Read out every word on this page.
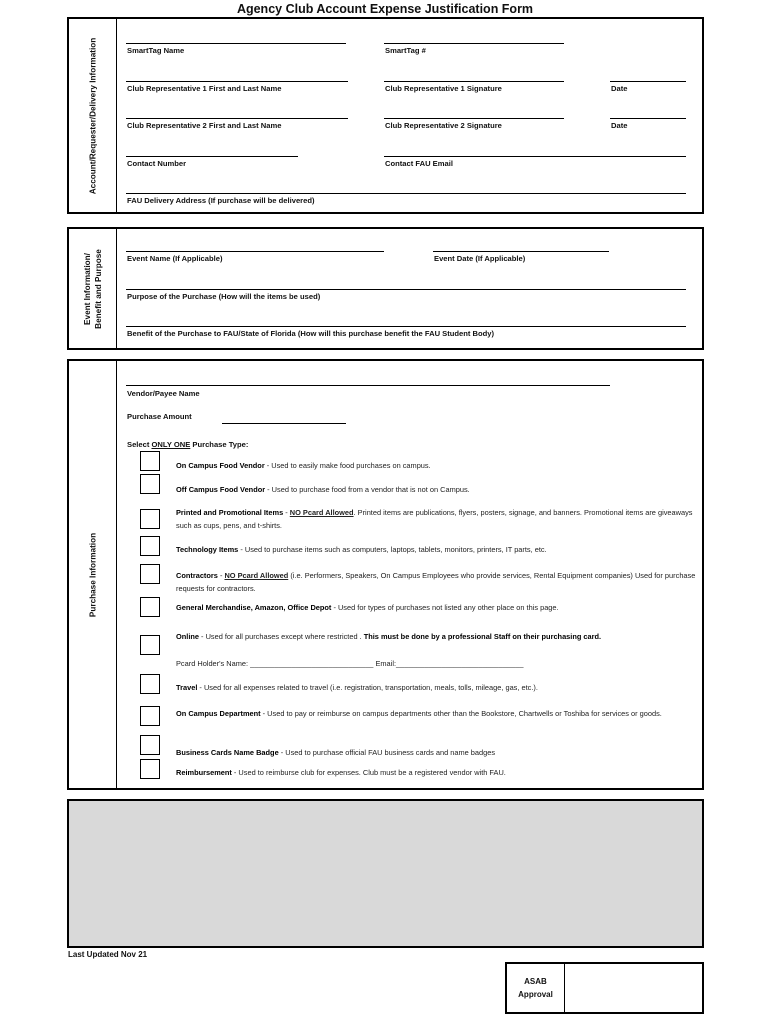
Agency Club Account Expense Justification Form
Account/Requester/Delivery Information	SmartTag Name	SmartTag #
Club Representative 1 First and Last Name	Club Representative 1 Signature	Date
Club Representative 2 First and Last Name	Club Representative 2 Signature	Date
Contact Number	Contact FAU Email
FAU Delivery Address (If purchase will be delivered)
Event Information/ Benefit and Purpose	Event Name (If Applicable)	Event Date (If Applicable)
Purpose of the Purchase (How will the items be used)
Benefit of the Purchase to FAU/State of Florida (How will this purchase benefit the FAU Student Body)
Purchase Information
Vendor/Payee Name
Purchase Amount
Select ONLY ONE Purchase Type:
On Campus Food Vendor - Used to easily make food purchases on campus.
Off Campus Food Vendor - Used to purchase food from a vendor that is not on Campus.
Printed and Promotional Items - NO Pcard Allowed. Printed items are publications, flyers, posters, signage, and banners. Promotional items are giveaways such as cups, pens, and t-shirts.
Technology Items - Used to purchase items such as computers, laptops, tablets, monitors, printers, IT parts, etc.
Contractors - NO Pcard Allowed (i.e. Performers, Speakers, On Campus Employees who provide services, Rental Equipment companies) Used for purchase requests for contractors.
General Merchandise, Amazon, Office Depot - Used for types of purchases not listed any other place on this page.
Online - Used for all purchases except where restricted . This must be done by a professional Staff on their purchasing card.
Pcard Holder's Name: ______________________________ Email:_______________________________
Travel - Used for all expenses related to travel (i.e. registration, transportation, meals, tolls, mileage, gas, etc.).
On Campus Department - Used to pay or reimburse on campus departments other than the Bookstore, Chartwells or Toshiba for services or goods.
Business Cards Name Badge - Used to purchase official FAU business cards and name badges
Reimbursement - Used to reimburse club for expenses. Club must be a registered vendor with FAU.
Last Updated Nov 21
ASAB
Approval
